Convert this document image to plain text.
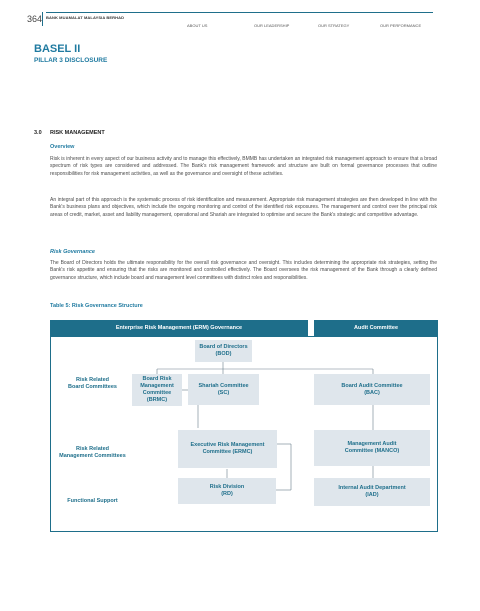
364 BANK MUAMALAT MALAYSIA BERHAD
ABOUT US	OUR LEADERSHIP	OUR STRATEGY	OUR PERFORMANCE
BASEL II
PILLAR 3 DISCLOSURE
3.0 RISK MANAGEMENT
Overview

Risk is inherent in every aspect of our business activity and to manage this effectively, BMMB has undertaken an integrated risk management approach to ensure that a broad spectrum of risk types are considered and addressed. The Bank's risk management framework and structure are built on formal governance processes that outline responsibilities for risk management activities, as well as the governance and oversight of these activities.

An integral part of this approach is the systematic process of risk identification and measurement. Appropriate risk management strategies are then developed in line with the Bank's business plans and objectives, which include the ongoing monitoring and control of the identified risk exposures. The management and control over the principal risk areas of credit, market, asset and liability management, operational and Shariah are integrated to optimise and secure the Bank's strategic and competitive advantage.

Risk Governance

The Board of Directors holds the ultimate responsibility for the overall risk governance and oversight. This includes determining the appropriate risk strategies, setting the Bank's risk appetite and ensuring that the risks are monitored and controlled effectively. The Board oversees the risk management of the Bank through a clearly defined governance structure, which include board and management level committees with distinct roles and responsibilities.

Table 5: Risk Governance Structure
Enterprise Risk Management (ERM) Governance	Audit Committee
Board of Directors
(BOD)
Risk Related
Board Committees
Board Risk
Management
Committee (BRMC)
Shariah Committee
(SC)
Board Audit Committee
(BAC)
Risk Related
Management Committees
Executive Risk Management
Committee (ERMC)
Management Audit
Committee (MANCO)
Functional Support
Risk Division
(RD)
Internal Audit Department
(IAD)
